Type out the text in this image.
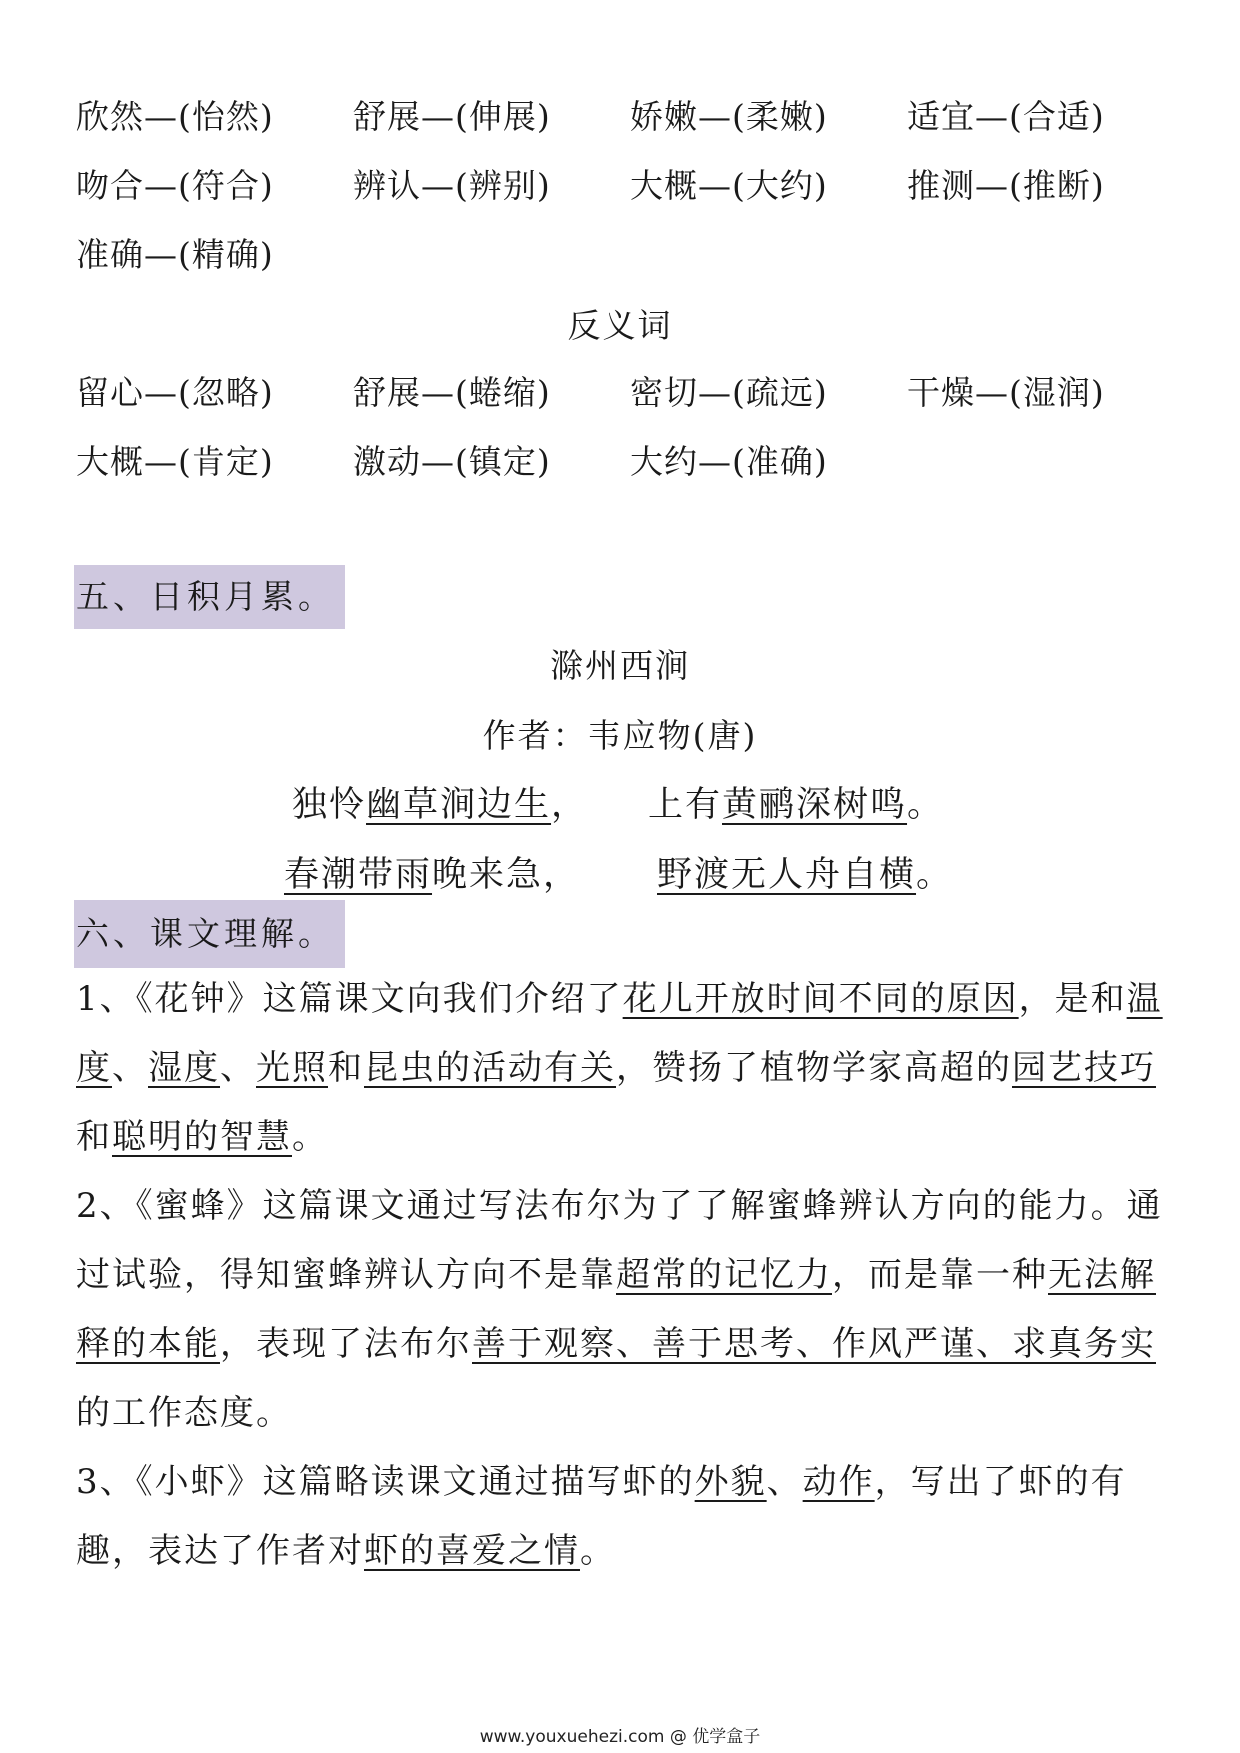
欣然—(怡然)	舒展—(伸展)	娇嫩—(柔嫩)	适宜—(合适)
吻合—(符合)	辨认—(辨别)	大概—(大约)	推测—(推断)
准确—(精确)
反义词
留心—(忽略)	舒展—(蜷缩)	密切—(疏远)	干燥—(湿润)
大概—(肯定)	激动—(镇定)	大约—(准确)
五、日积月累。
滁州西涧
作者：韦应物(唐)
独怜幽草涧边生， 上有黄鹂深树鸣。
春潮带雨晚来急， 野渡无人舟自横。
六、课文理解。
1、《花钟》这篇课文向我们介绍了花儿开放时间不同的原因，是和温度、湿度、光照和昆虫的活动有关，赞扬了植物学家高超的园艺技巧和聪明的智慧。
2、《蜜蜂》这篇课文通过写法布尔为了了解蜜蜂辨认方向的能力。通过试验，得知蜜蜂辨认方向不是靠超常的记忆力，而是靠一种无法解释的本能，表现了法布尔善于观察、善于思考、作风严谨、求真务实的工作态度。
3、《小虾》这篇略读课文通过描写虾的外貌、动作，写出了虾的有趣，表达了作者对虾的喜爱之情。
www.youxuehezi.com @ 优学盒子
